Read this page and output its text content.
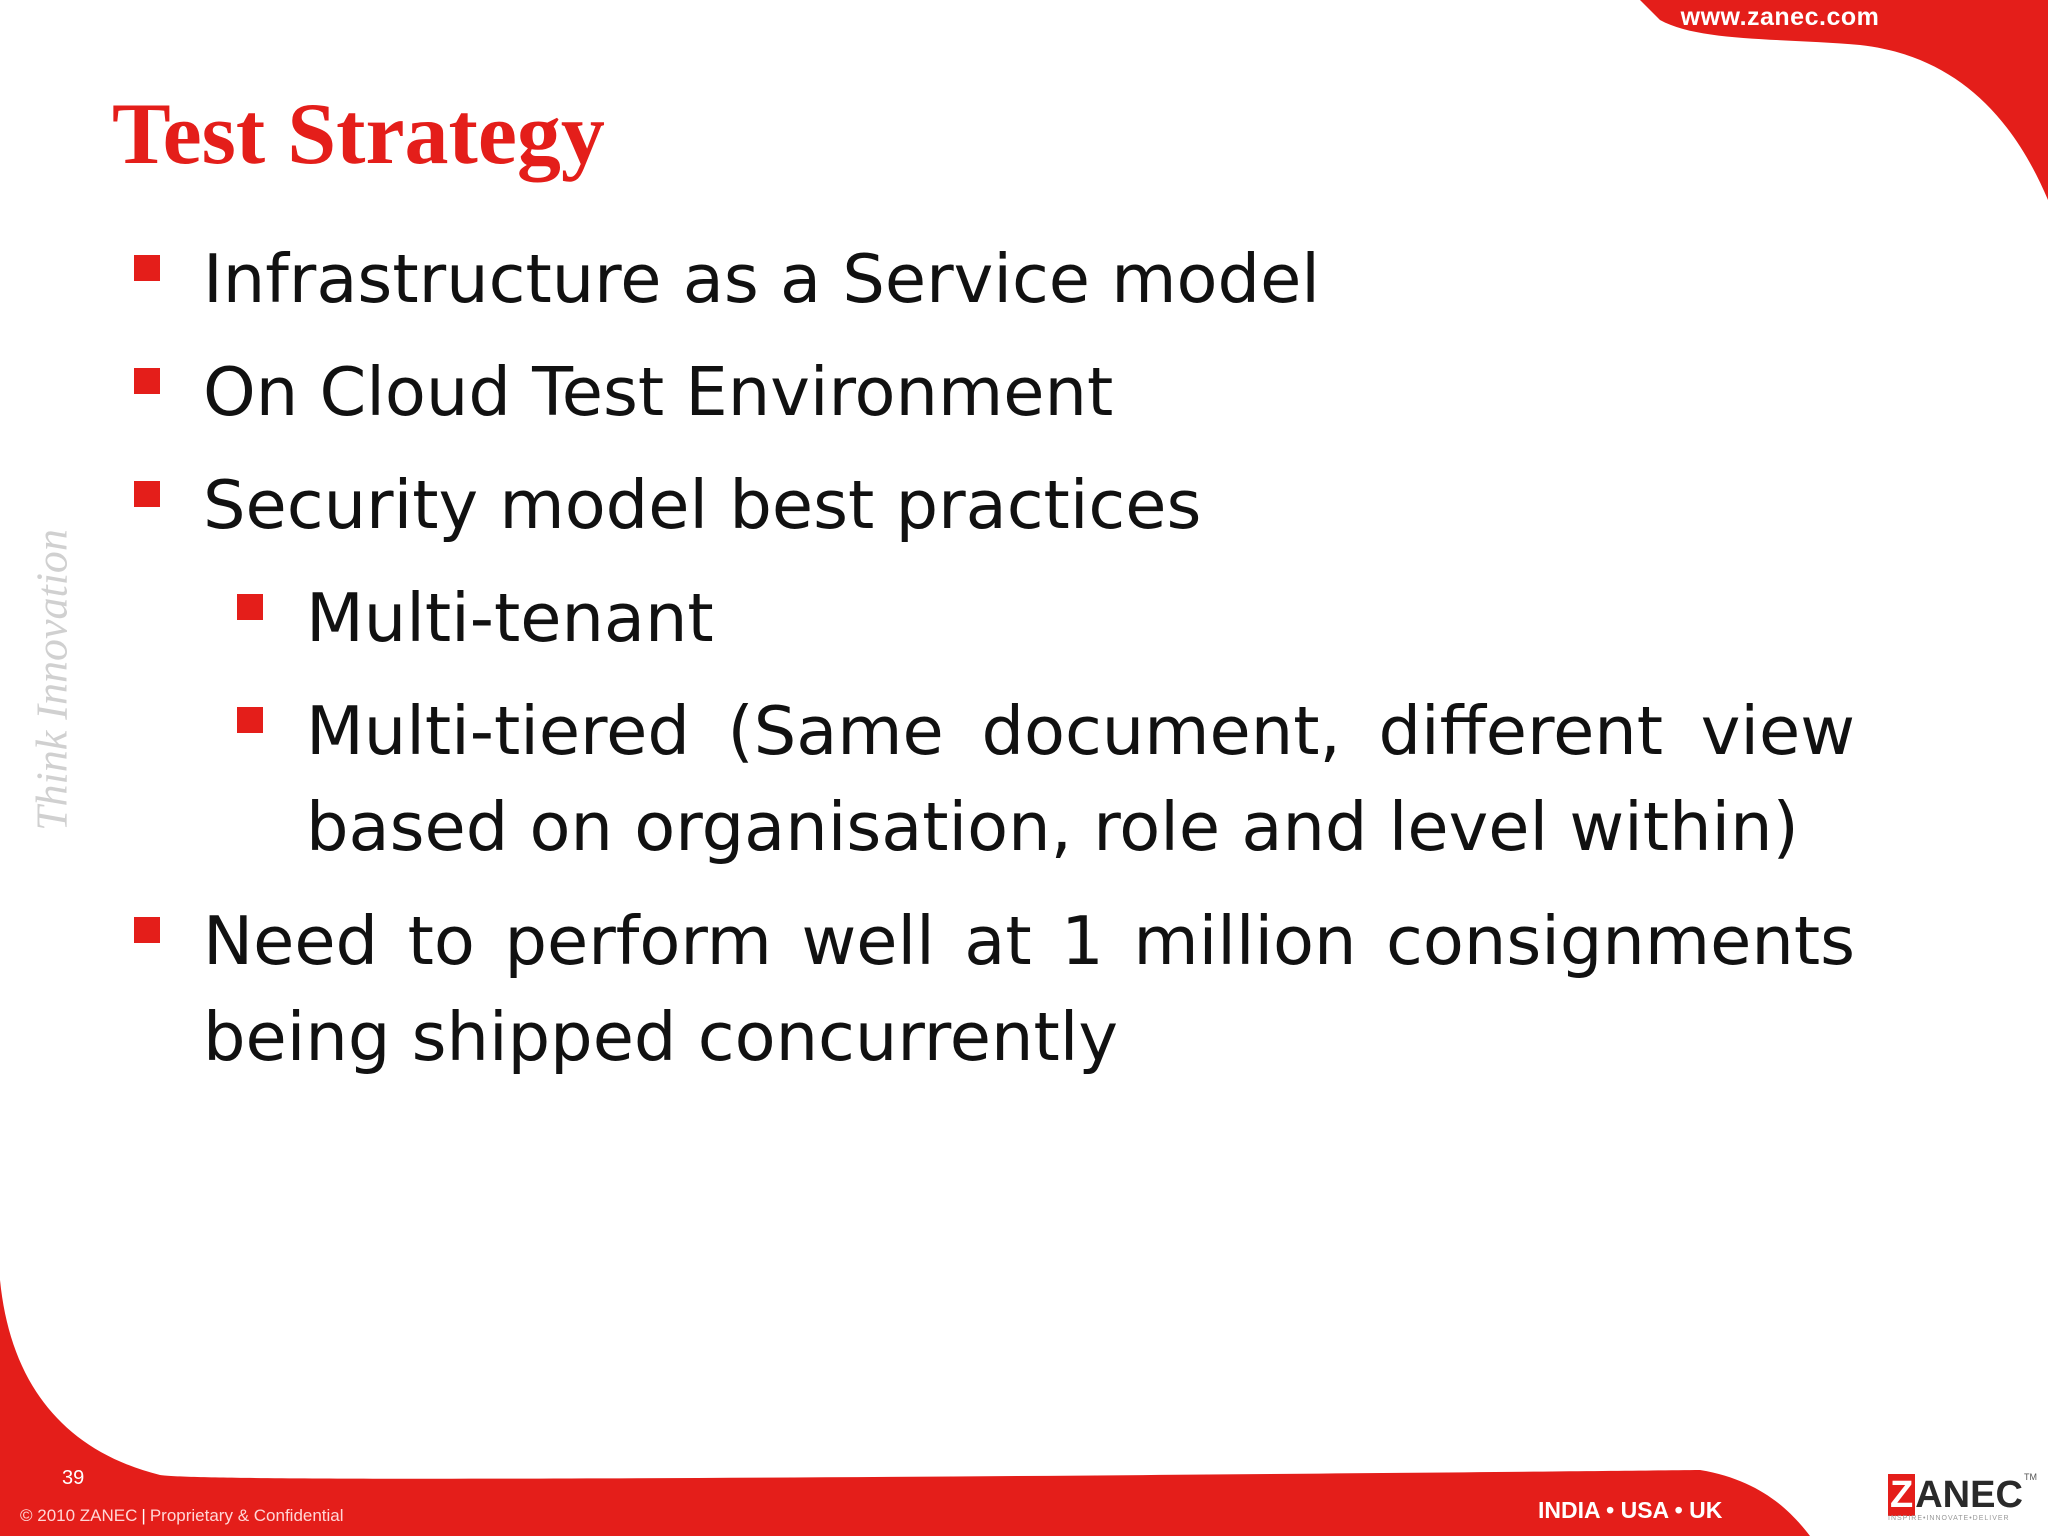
www.zanec.com
Test Strategy
Think Innovation
Infrastructure as a Service model
On Cloud Test Environment
Security model best practices
Multi-tenant
Multi-tiered (Same document, different view based on organisation, role and level within)
Need to perform well at 1 million consignments being shipped concurrently
39
© 2010 ZANEC | Proprietary & Confidential	INDIA • USA • UK	ZANEC
INSPIRE•INNOVATE•DELIVER
TM
